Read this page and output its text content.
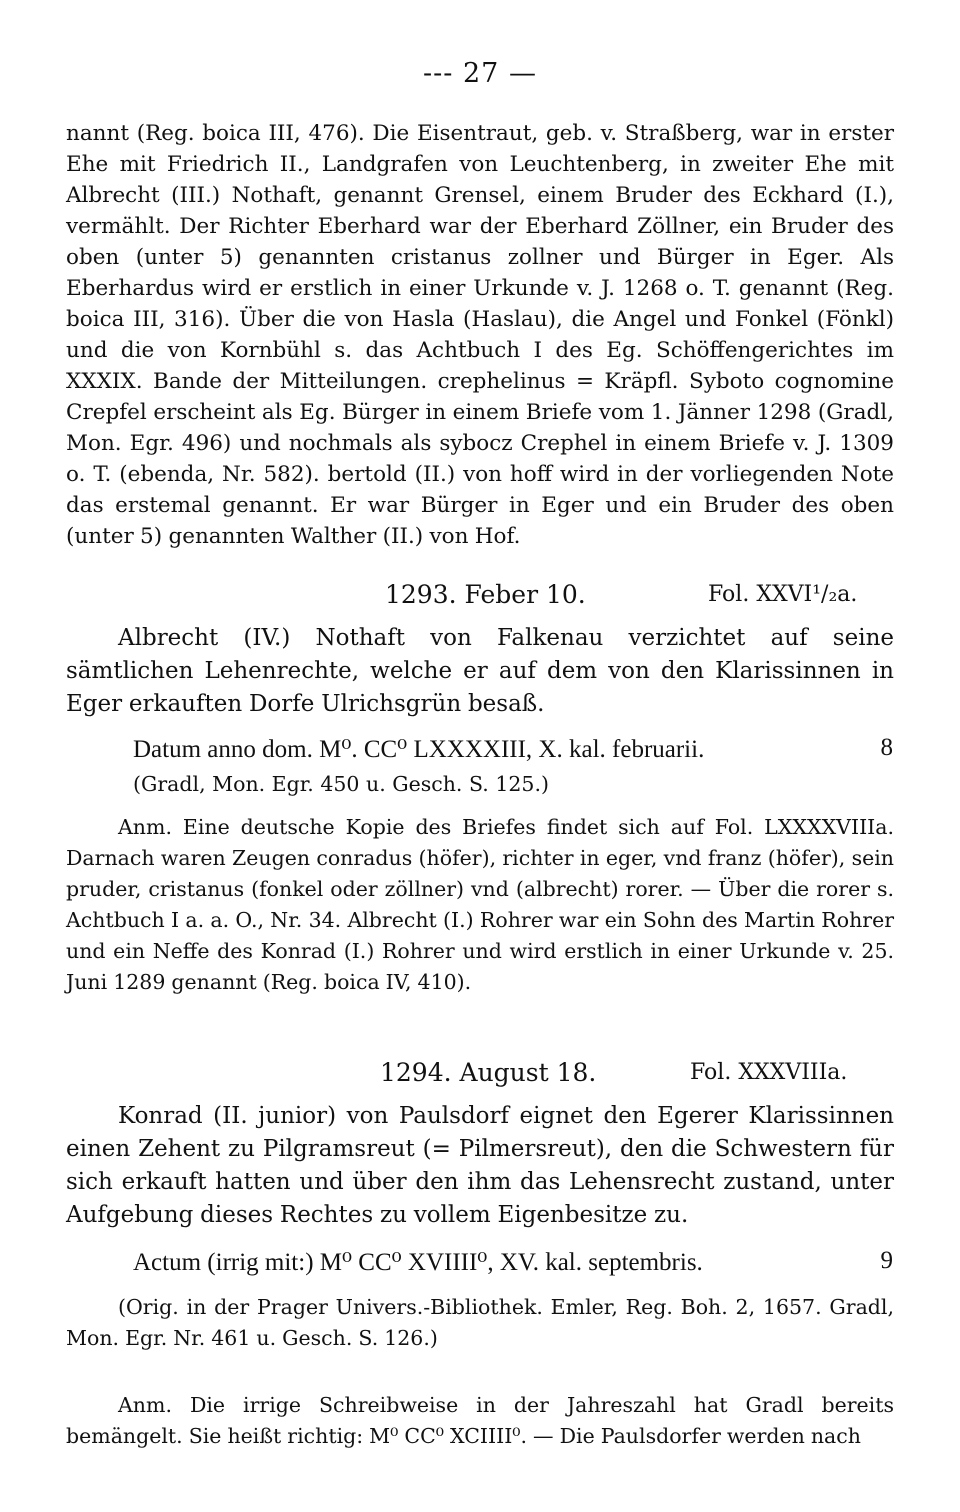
--- 27 —

nannt (Reg. boica III, 476). Die Eisentraut, geb. v. Straßberg, war in erster Ehe mit Friedrich II., Landgrafen von Leuchtenberg, in zweiter Ehe mit Albrecht (III.) Nothaft, genannt Grensel, einem Bruder des Eckhard (I.), vermählt. Der Richter Eberhard war der Eberhard Zöllner, ein Bruder des oben (unter 5) genannten cristanus zollner und Bürger in Eger. Als Eberhardus wird er erstlich in einer Urkunde v. J. 1268 o. T. genannt (Reg. boica III, 316). Über die von Hasla (Haslau), die Angel und Fonkel (Fönkl) und die von Kornbühl s. das Achtbuch I des Eg. Schöffengerichtes im XXXIX. Bande der Mitteilungen. crephelinus = Kräpfl. Syboto cognomine Crepfel erscheint als Eg. Bürger in einem Briefe vom 1. Jänner 1298 (Gradl, Mon. Egr. 496) und nochmals als sybocz Crephel in einem Briefe v. J. 1309 o. T. (ebenda, Nr. 582). bertold (II.) von hoff wird in der vorliegenden Note das erstemal genannt. Er war Bürger in Eger und ein Bruder des oben (unter 5) genannten Walther (II.) von Hof.

1293. Feber 10.	Fol. XXVI¹/₂a.

Albrecht (IV.) Nothaft von Falkenau verzichtet auf seine sämtlichen Lehenrechte, welche er auf dem von den Klarissinnen in Eger erkauften Dorfe Ulrichsgrün besaß.

Datum anno dom. M⁰. CC⁰ LXXXXIII, X. kal. februarii.	8
(Gradl, Mon. Egr. 450 u. Gesch. S. 125.)

Anm. Eine deutsche Kopie des Briefes findet sich auf Fol. LXXXXVIIIa. Darnach waren Zeugen conradus (höfer), richter in eger, vnd franz (höfer), sein pruder, cristanus (fonkel oder zöllner) vnd (albrecht) rorer. — Über die rorer s. Achtbuch I a. a. O., Nr. 34. Albrecht (I.) Rohrer war ein Sohn des Martin Rohrer und ein Neffe des Konrad (I.) Rohrer und wird erstlich in einer Urkunde v. 25. Juni 1289 genannt (Reg. boica IV, 410).

1294. August 18.	Fol. XXXVIIIa.

Konrad (II. junior) von Paulsdorf eignet den Egerer Klarissinnen einen Zehent zu Pilgramsreut (= Pilmersreut), den die Schwestern für sich erkauft hatten und über den ihm das Lehensrecht zustand, unter Aufgebung dieses Rechtes zu vollem Eigenbesitze zu.

Actum (irrig mit:) M⁰ CC⁰ XVIIII⁰, XV. kal. septembris.	9

(Orig. in der Prager Univers.-Bibliothek. Emler, Reg. Boh. 2, 1657. Gradl, Mon. Egr. Nr. 461 u. Gesch. S. 126.)

Anm. Die irrige Schreibweise in der Jahreszahl hat Gradl bereits bemängelt. Sie heißt richtig: M⁰ CC⁰ XCIIII⁰. — Die Paulsdorfer werden nach
